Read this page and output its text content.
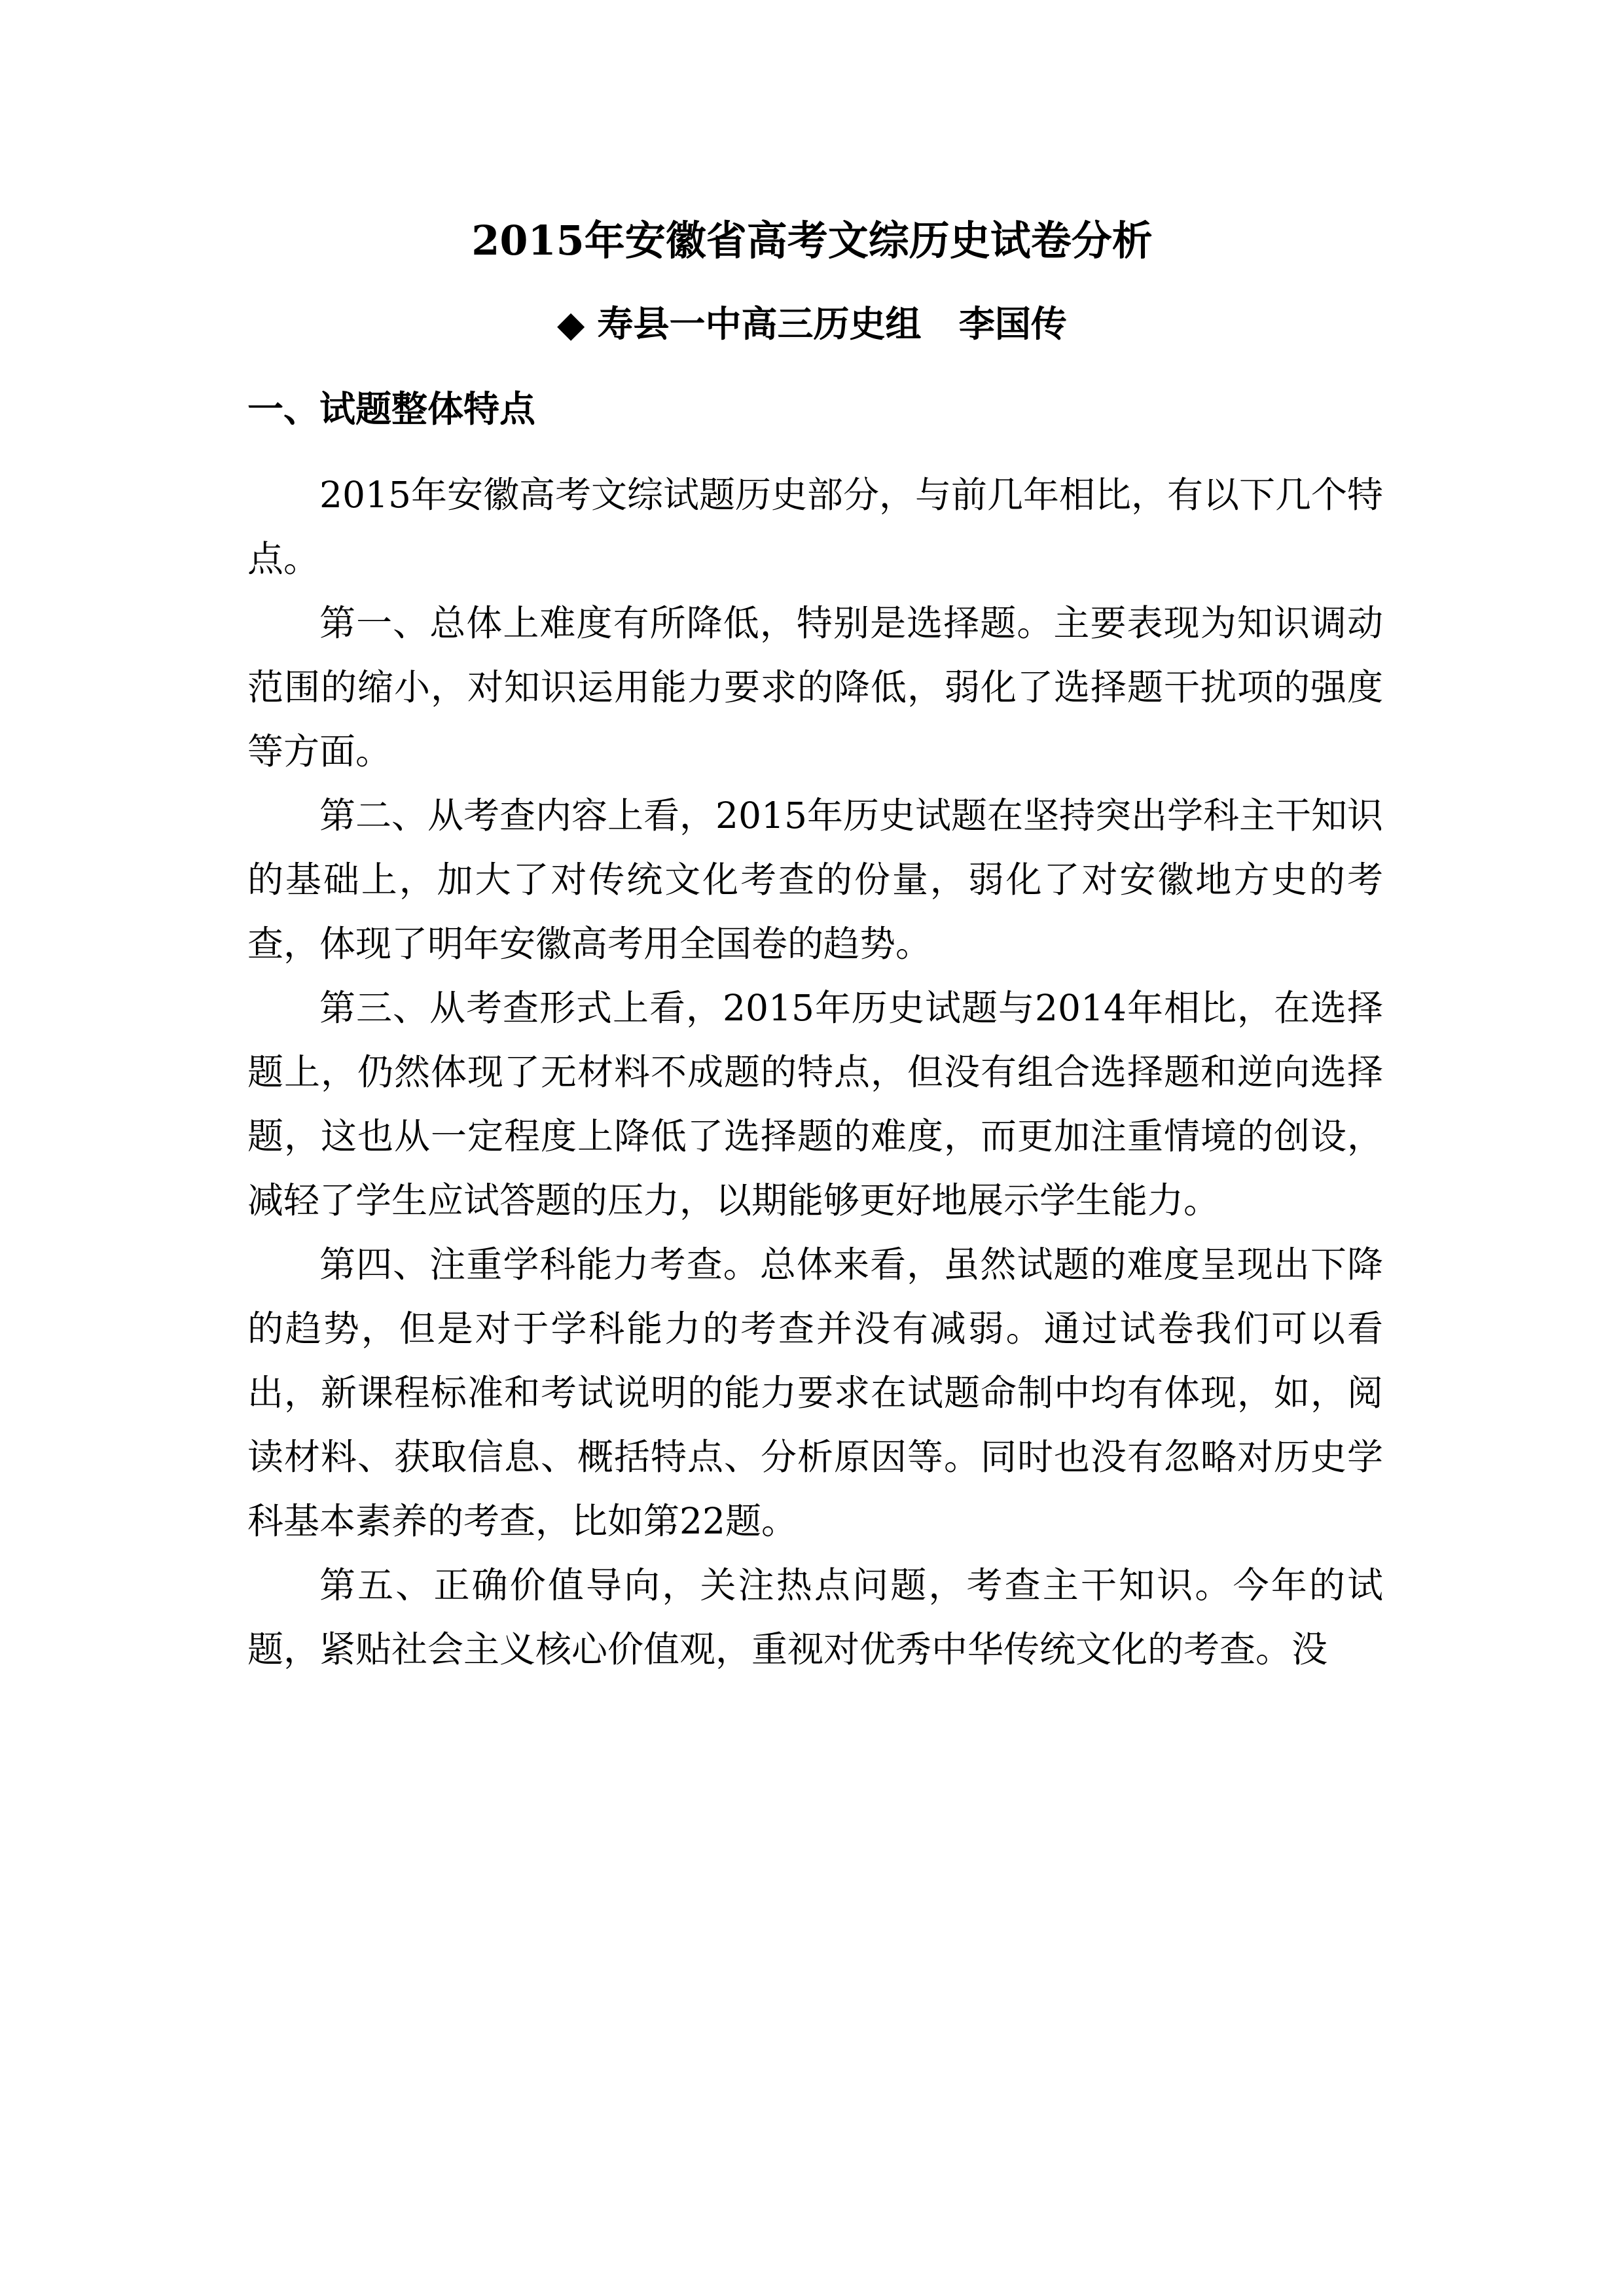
2015年安徽省高考文综历史试卷分析
◆ 寿县一中高三历史组   李国传
一、试题整体特点

2015年安徽高考文综试题历史部分，与前几年相比，有以下几个特点。

第一、总体上难度有所降低，特别是选择题。主要表现为知识调动范围的缩小，对知识运用能力要求的降低，弱化了选择题干扰项的强度等方面。

第二、从考查内容上看，2015年历史试题在坚持突出学科主干知识的基础上，加大了对传统文化考查的份量，弱化了对安徽地方史的考查，体现了明年安徽高考用全国卷的趋势。

第三、从考查形式上看，2015年历史试题与2014年相比，在选择题上，仍然体现了无材料不成题的特点，但没有组合选择题和逆向选择题，这也从一定程度上降低了选择题的难度，而更加注重情境的创设，减轻了学生应试答题的压力，以期能够更好地展示学生能力。

第四、注重学科能力考查。总体来看，虽然试题的难度呈现出下降的趋势，但是对于学科能力的考查并没有减弱。通过试卷我们可以看出，新课程标准和考试说明的能力要求在试题命制中均有体现，如，阅读材料、获取信息、概括特点、分析原因等。同时也没有忽略对历史学科基本素养的考查，比如第22题。

第五、正确价值导向，关注热点问题，考查主干知识。今年的试题，紧贴社会主义核心价值观，重视对优秀中华传统文化的考查。没
